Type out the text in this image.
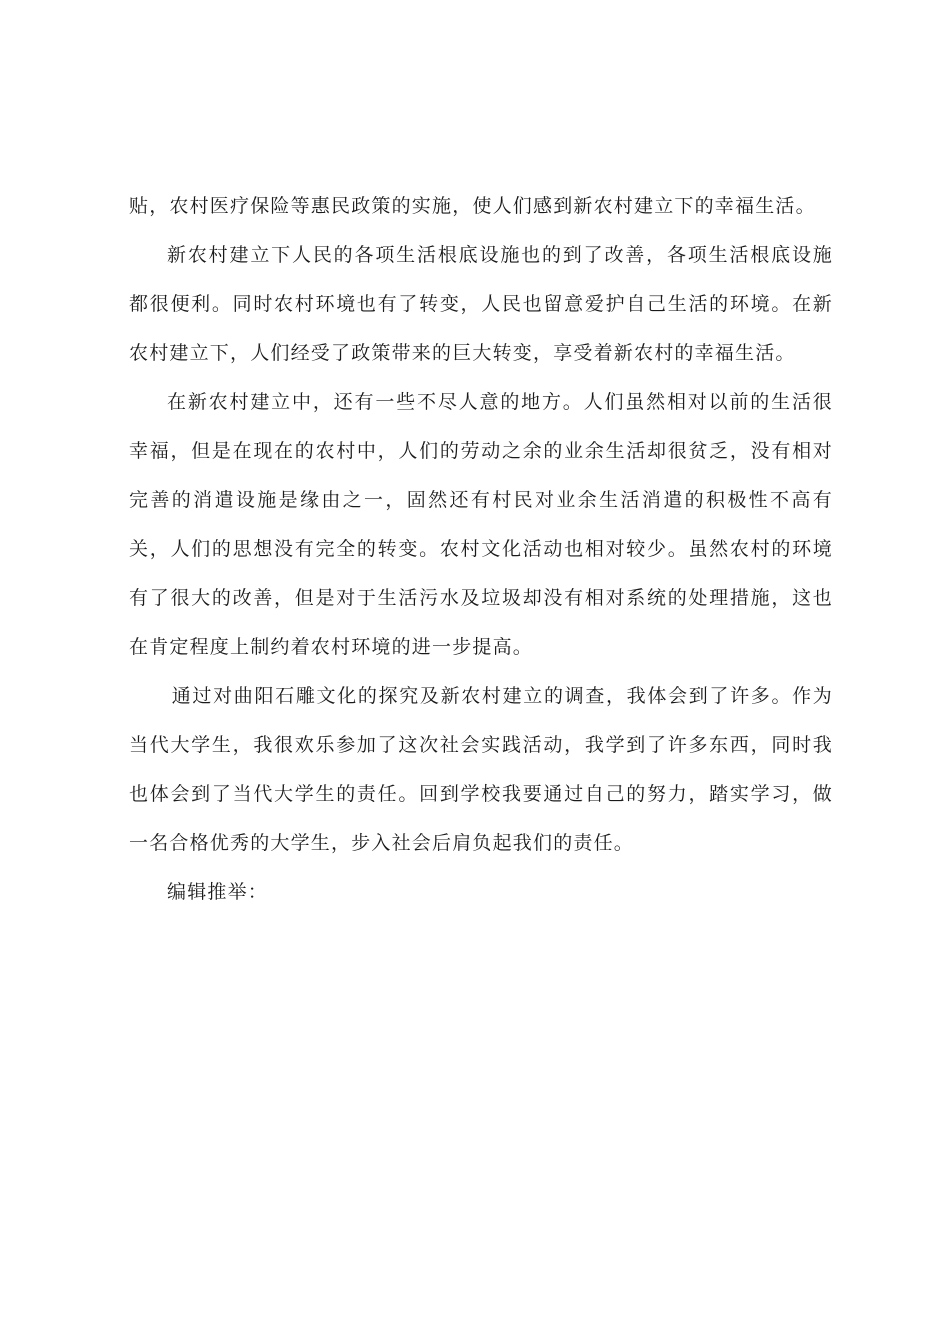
贴，农村医疗保险等惠民政策的实施，使人们感到新农村建立下的幸福生活。

新农村建立下人民的各项生活根底设施也的到了改善，各项生活根底设施都很便利。同时农村环境也有了转变，人民也留意爱护自己生活的环境。在新农村建立下，人们经受了政策带来的巨大转变，享受着新农村的幸福生活。

在新农村建立中，还有一些不尽人意的地方。人们虽然相对以前的生活很幸福，但是在现在的农村中，人们的劳动之余的业余生活却很贫乏，没有相对完善的消遣设施是缘由之一，固然还有村民对业余生活消遣的积极性不高有关，人们的思想没有完全的转变。农村文化活动也相对较少。虽然农村的环境有了很大的改善，但是对于生活污水及垃圾却没有相对系统的处理措施，这也在肯定程度上制约着农村环境的进一步提高。

通过对曲阳石雕文化的探究及新农村建立的调查，我体会到了许多。作为当代大学生，我很欢乐参加了这次社会实践活动，我学到了许多东西，同时我也体会到了当代大学生的责任。回到学校我要通过自己的努力，踏实学习，做一名合格优秀的大学生，步入社会后肩负起我们的责任。

编辑推举：
